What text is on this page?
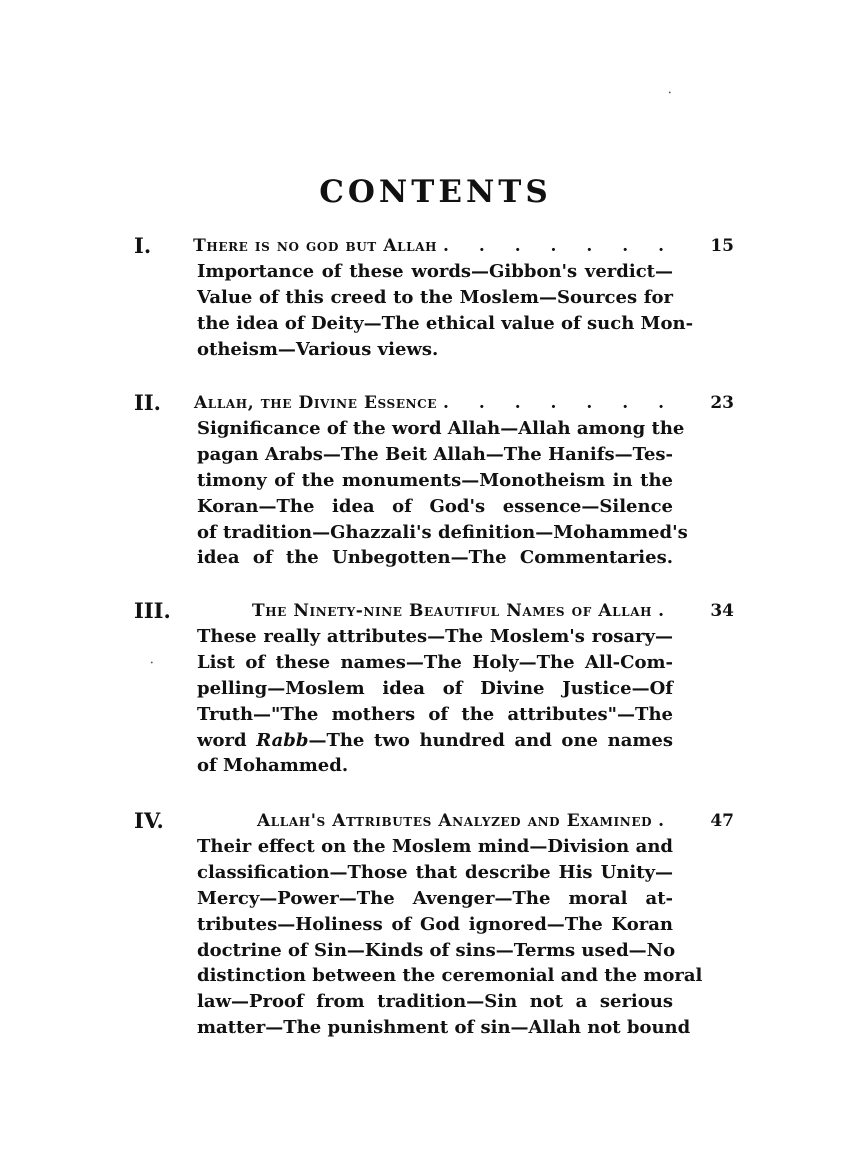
•
•
CONTENTS
I. There is no god but Allah . . . . . . . 15
Importance of these words—Gibbon's verdict—
Value of this creed to the Moslem—Sources for
the idea of Deity—The ethical value of such Mon-
otheism—Various views.
II. Allah, the Divine Essence . . . . . . . 23
Significance of the word Allah—Allah among the
pagan Arabs—The Beit Allah—The Hanifs—Tes-
timony of the monuments—Monotheism in the
Koran—The idea of God's essence—Silence
of tradition—Ghazzali's definition—Mohammed's
idea of the Unbegotten—The Commentaries.
III.	The Ninety-nine Beautiful Names of Allah . 34
These really attributes—The Moslem's rosary—
List of these names—The Holy—The All-Com-
pelling—Moslem idea of Divine Justice—Of
Truth—"The mothers of the attributes"—The
word Rabb—The two hundred and one names
of Mohammed.
IV.	Allah's Attributes Analyzed and Examined . 47
Their effect on the Moslem mind—Division and
classification—Those that describe His Unity—
Mercy—Power—The Avenger—The moral at-
tributes—Holiness of God ignored—The Koran
doctrine of Sin—Kinds of sins—Terms used—No
distinction between the ceremonial and the moral
law—Proof from tradition—Sin not a serious
matter—The punishment of sin—Allah not bound
